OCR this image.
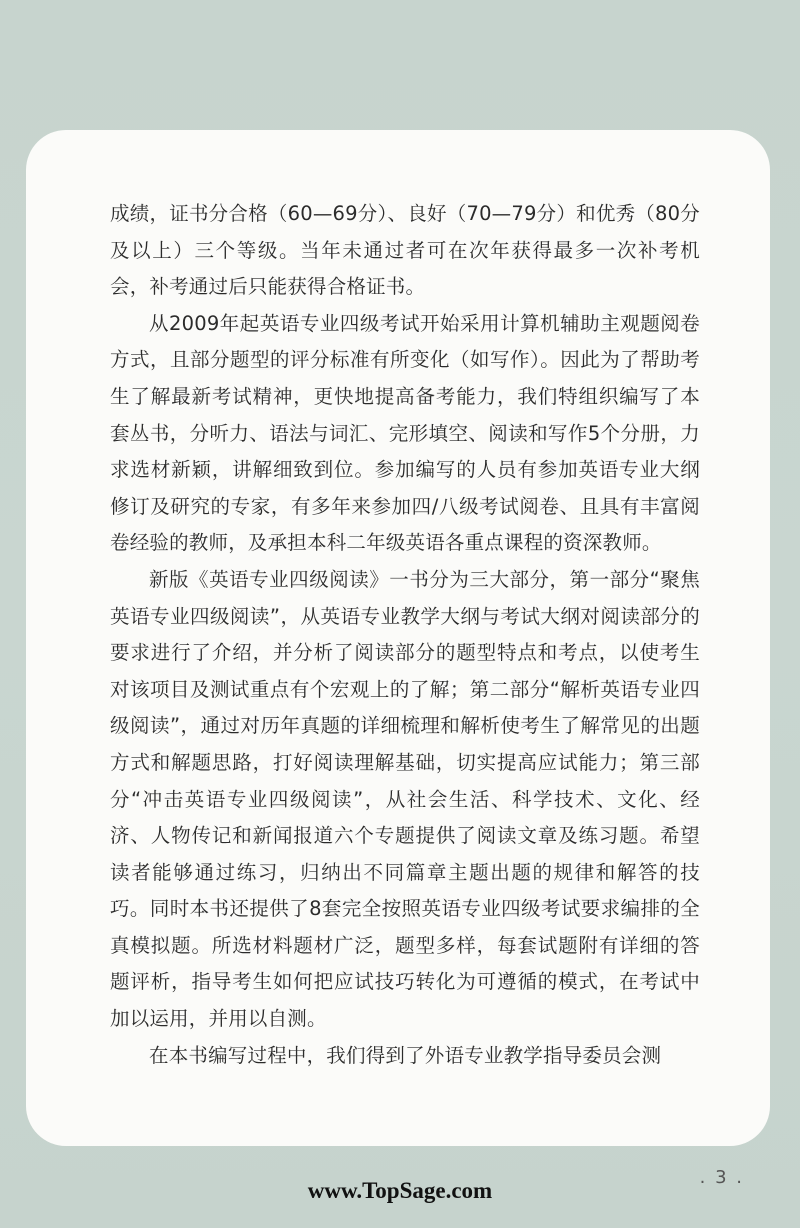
成绩，证书分合格（60—69分）、良好（70—79分）和优秀（80分及以上）三个等级。当年未通过者可在次年获得最多一次补考机会，补考通过后只能获得合格证书。

从2009年起英语专业四级考试开始采用计算机辅助主观题阅卷方式，且部分题型的评分标准有所变化（如写作）。因此为了帮助考生了解最新考试精神，更快地提高备考能力，我们特组织编写了本套丛书，分听力、语法与词汇、完形填空、阅读和写作5个分册，力求选材新颖，讲解细致到位。参加编写的人员有参加英语专业大纲修订及研究的专家，有多年来参加四/八级考试阅卷、且具有丰富阅卷经验的教师，及承担本科二年级英语各重点课程的资深教师。

新版《英语专业四级阅读》一书分为三大部分，第一部分“聚焦英语专业四级阅读”，从英语专业教学大纲与考试大纲对阅读部分的要求进行了介绍，并分析了阅读部分的题型特点和考点，以使考生对该项目及测试重点有个宏观上的了解；第二部分“解析英语专业四级阅读”，通过对历年真题的详细梳理和解析使考生了解常见的出题方式和解题思路，打好阅读理解基础，切实提高应试能力；第三部分“冲击英语专业四级阅读”，从社会生活、科学技术、文化、经济、人物传记和新闻报道六个专题提供了阅读文章及练习题。希望读者能够通过练习，归纳出不同篇章主题出题的规律和解答的技巧。同时本书还提供了8套完全按照英语专业四级考试要求编排的全真模拟题。所选材料题材广泛，题型多样，每套试题附有详细的答题评析，指导考生如何把应试技巧转化为可遵循的模式，在考试中加以运用，并用以自测。

在本书编写过程中，我们得到了外语专业教学指导委员会测

. 3 .
www.TopSage.com
